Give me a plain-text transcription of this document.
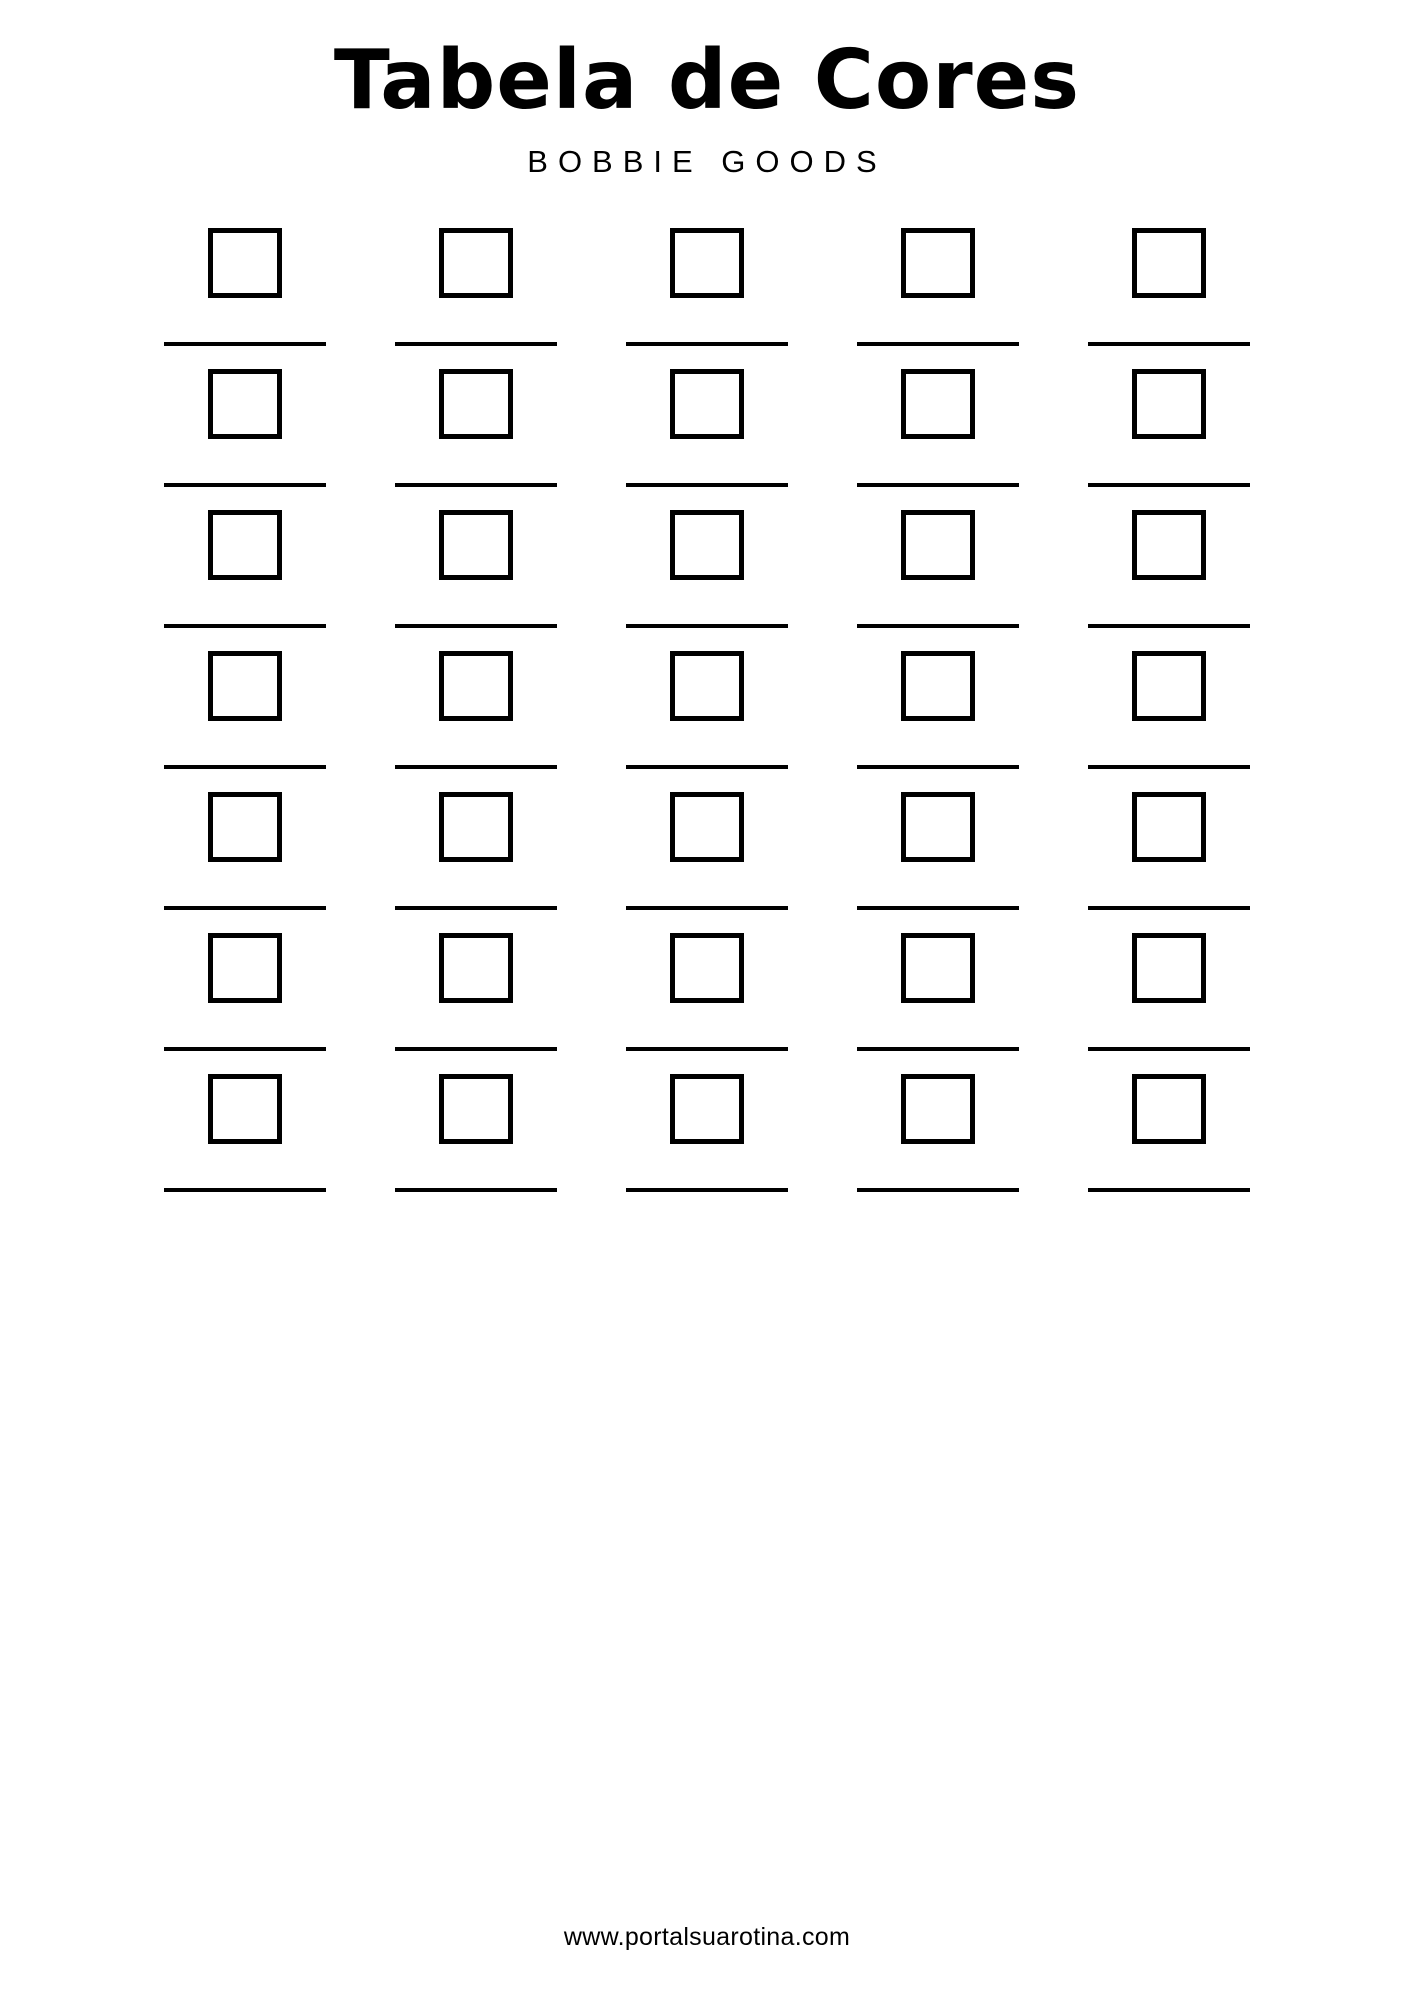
Tabela de Cores
BOBBIE GOODS
www.portalsuarotina.com
